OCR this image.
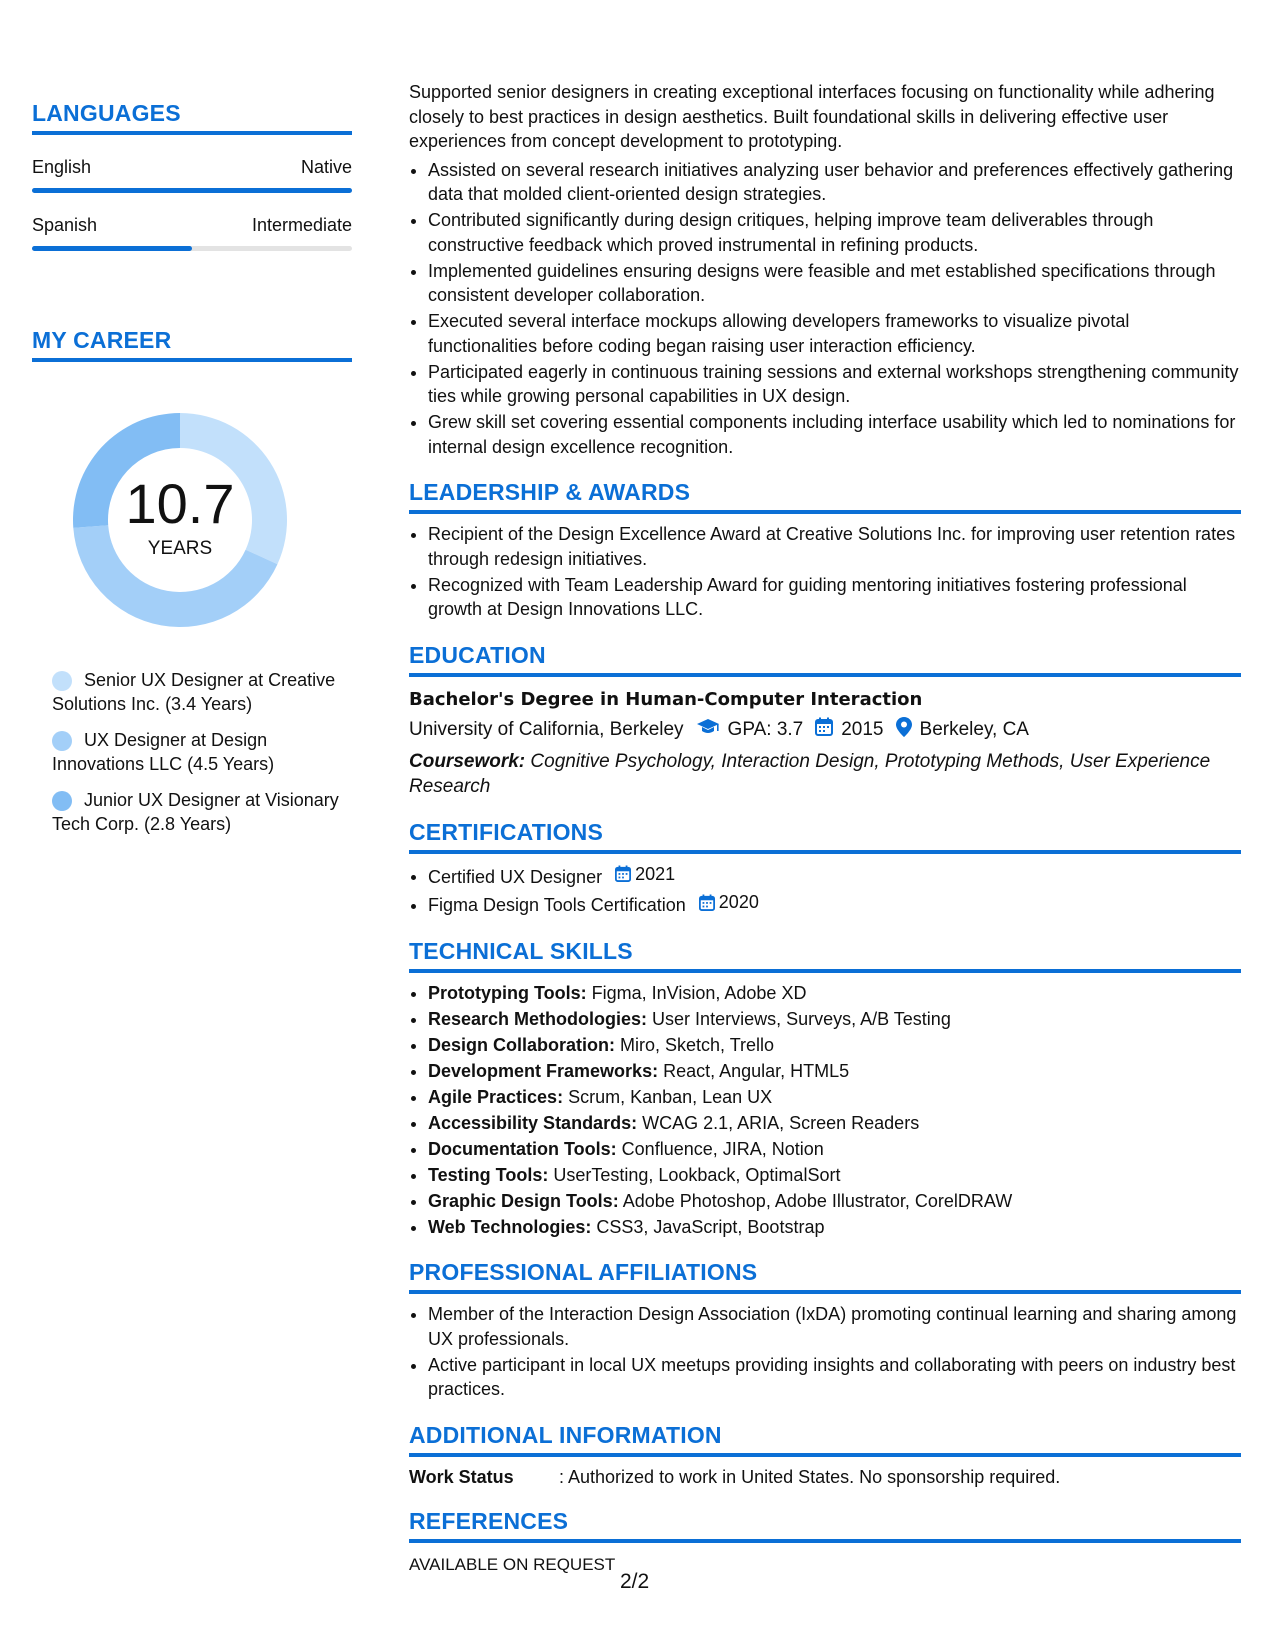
LANGUAGES
English	Native
Spanish	Intermediate
MY CAREER
10.7
YEARS
Senior UX Designer at Creative Solutions Inc. (3.4 Years)
UX Designer at Design Innovations LLC (4.5 Years)
Junior UX Designer at Visionary Tech Corp. (2.8 Years)

Supported senior designers in creating exceptional interfaces focusing on functionality while adhering closely to best practices in design aesthetics. Built foundational skills in delivering effective user experiences from concept development to prototyping.

• Assisted on several research initiatives analyzing user behavior and preferences effectively gathering data that molded client-oriented design strategies.
• Contributed significantly during design critiques, helping improve team deliverables through constructive feedback which proved instrumental in refining products.
• Implemented guidelines ensuring designs were feasible and met established specifications through consistent developer collaboration.
• Executed several interface mockups allowing developers frameworks to visualize pivotal functionalities before coding began raising user interaction efficiency.
• Participated eagerly in continuous training sessions and external workshops strengthening community ties while growing personal capabilities in UX design.
• Grew skill set covering essential components including interface usability which led to nominations for internal design excellence recognition.
LEADERSHIP & AWARDS
• Recipient of the Design Excellence Award at Creative Solutions Inc. for improving user retention rates through redesign initiatives.
• Recognized with Team Leadership Award for guiding mentoring initiatives fostering professional growth at Design Innovations LLC.
EDUCATION
Bachelor's Degree in Human-Computer Interaction
University of California, Berkeley GPA: 3.7 2015 Berkeley, CA
Coursework: Cognitive Psychology, Interaction Design, Prototyping Methods, User Experience Research
CERTIFICATIONS
• Certified UX Designer 2021
• Figma Design Tools Certification 2020
TECHNICAL SKILLS
• Prototyping Tools: Figma, InVision, Adobe XD
• Research Methodologies: User Interviews, Surveys, A/B Testing
• Design Collaboration: Miro, Sketch, Trello
• Development Frameworks: React, Angular, HTML5
• Agile Practices: Scrum, Kanban, Lean UX
• Accessibility Standards: WCAG 2.1, ARIA, Screen Readers
• Documentation Tools: Confluence, JIRA, Notion
• Testing Tools: UserTesting, Lookback, OptimalSort
• Graphic Design Tools: Adobe Photoshop, Adobe Illustrator, CorelDRAW
• Web Technologies: CSS3, JavaScript, Bootstrap
PROFESSIONAL AFFILIATIONS
• Member of the Interaction Design Association (IxDA) promoting continual learning and sharing among UX professionals.
• Active participant in local UX meetups providing insights and collaborating with peers on industry best practices.
ADDITIONAL INFORMATION
Work Status	: Authorized to work in United States. No sponsorship required.
REFERENCES
AVAILABLE ON REQUEST
2/2
